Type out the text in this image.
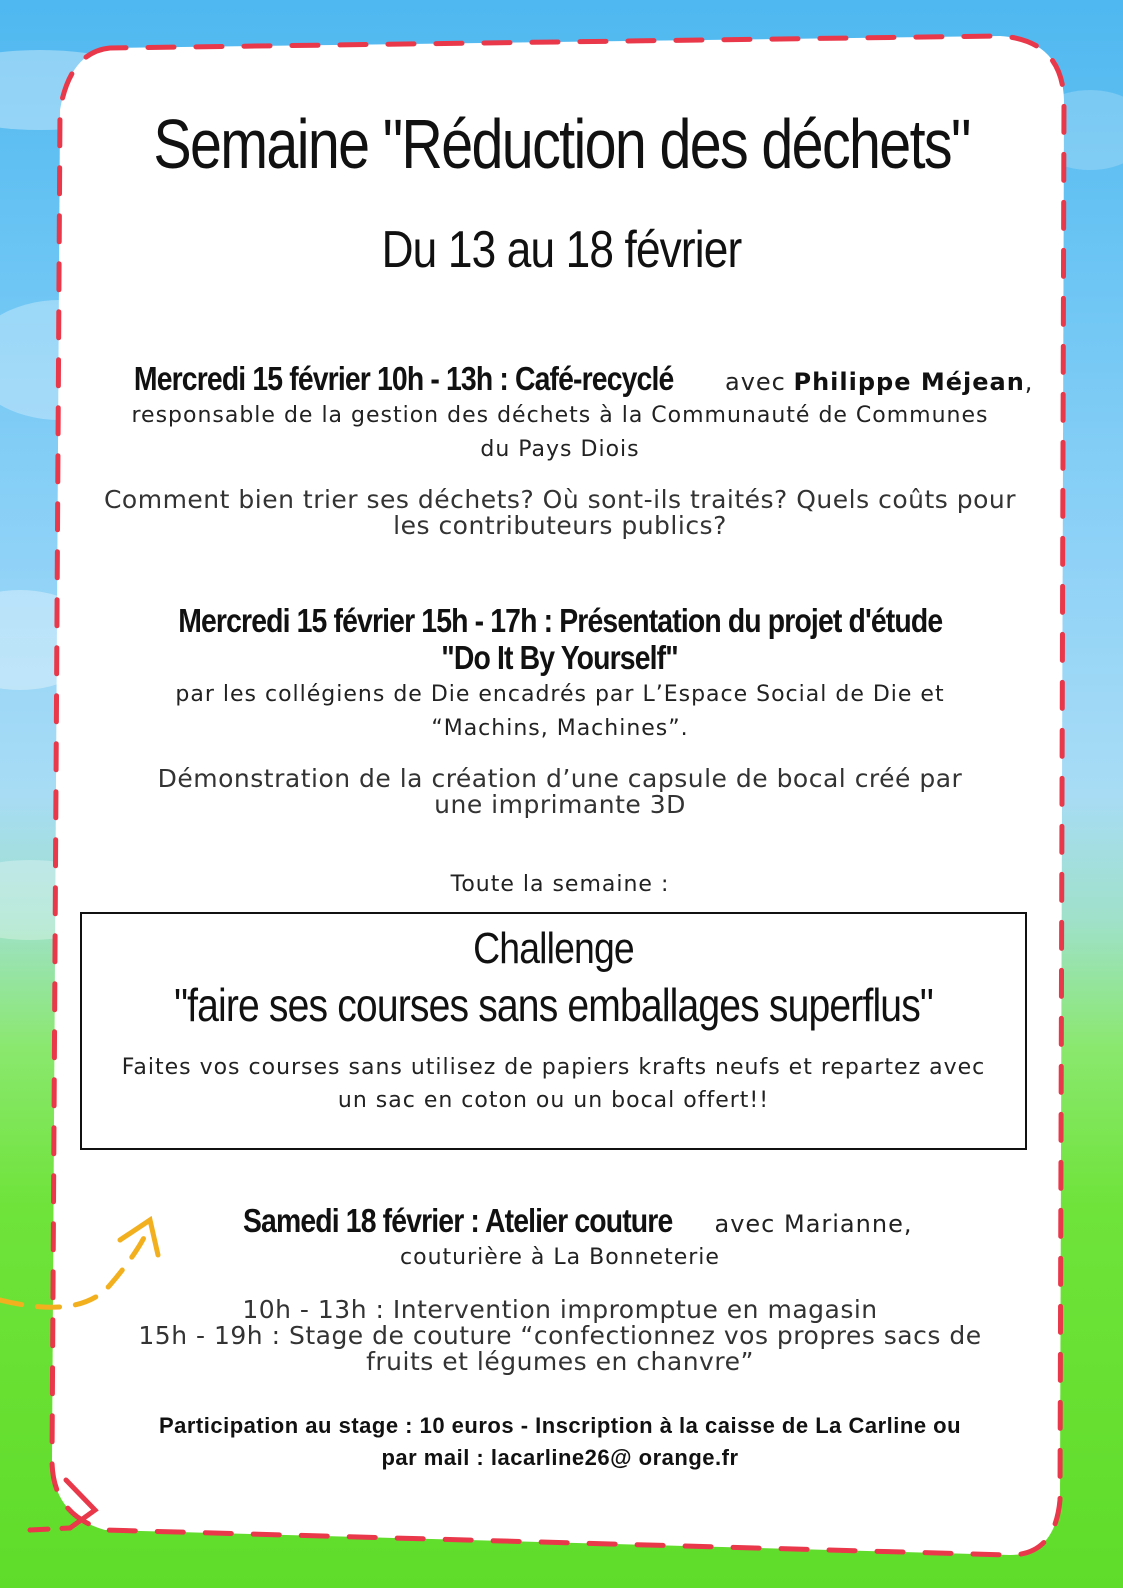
Semaine "Réduction des déchets"
Du 13 au 18 février
Mercredi 15 février 10h - 13h : Café-recyclé avec Philippe Méjean,
responsable de la gestion des déchets à la Communauté de Communes
du Pays Diois
Comment bien trier ses déchets? Où sont-ils traités? Quels coûts pour
les contributeurs publics?
Mercredi 15 février 15h - 17h : Présentation du projet d'étude
"Do It By Yourself"
par les collégiens de Die encadrés par L’Espace Social de Die et
“Machins, Machines”.
Démonstration de la création d’une capsule de bocal créé par
une imprimante 3D
Toute la semaine :
Challenge
"faire ses courses sans emballages superflus"
Faites vos courses sans utilisez de papiers krafts neufs et repartez avec
un sac en coton ou un bocal offert!!
Samedi 18 février : Atelier couture avec Marianne,
couturière à La Bonneterie
10h - 13h : Intervention impromptue en magasin
15h - 19h : Stage de couture “confectionnez vos propres sacs de
fruits et légumes en chanvre”
Participation au stage : 10 euros - Inscription à la caisse de La Carline ou
par mail : lacarline26@ orange.fr
